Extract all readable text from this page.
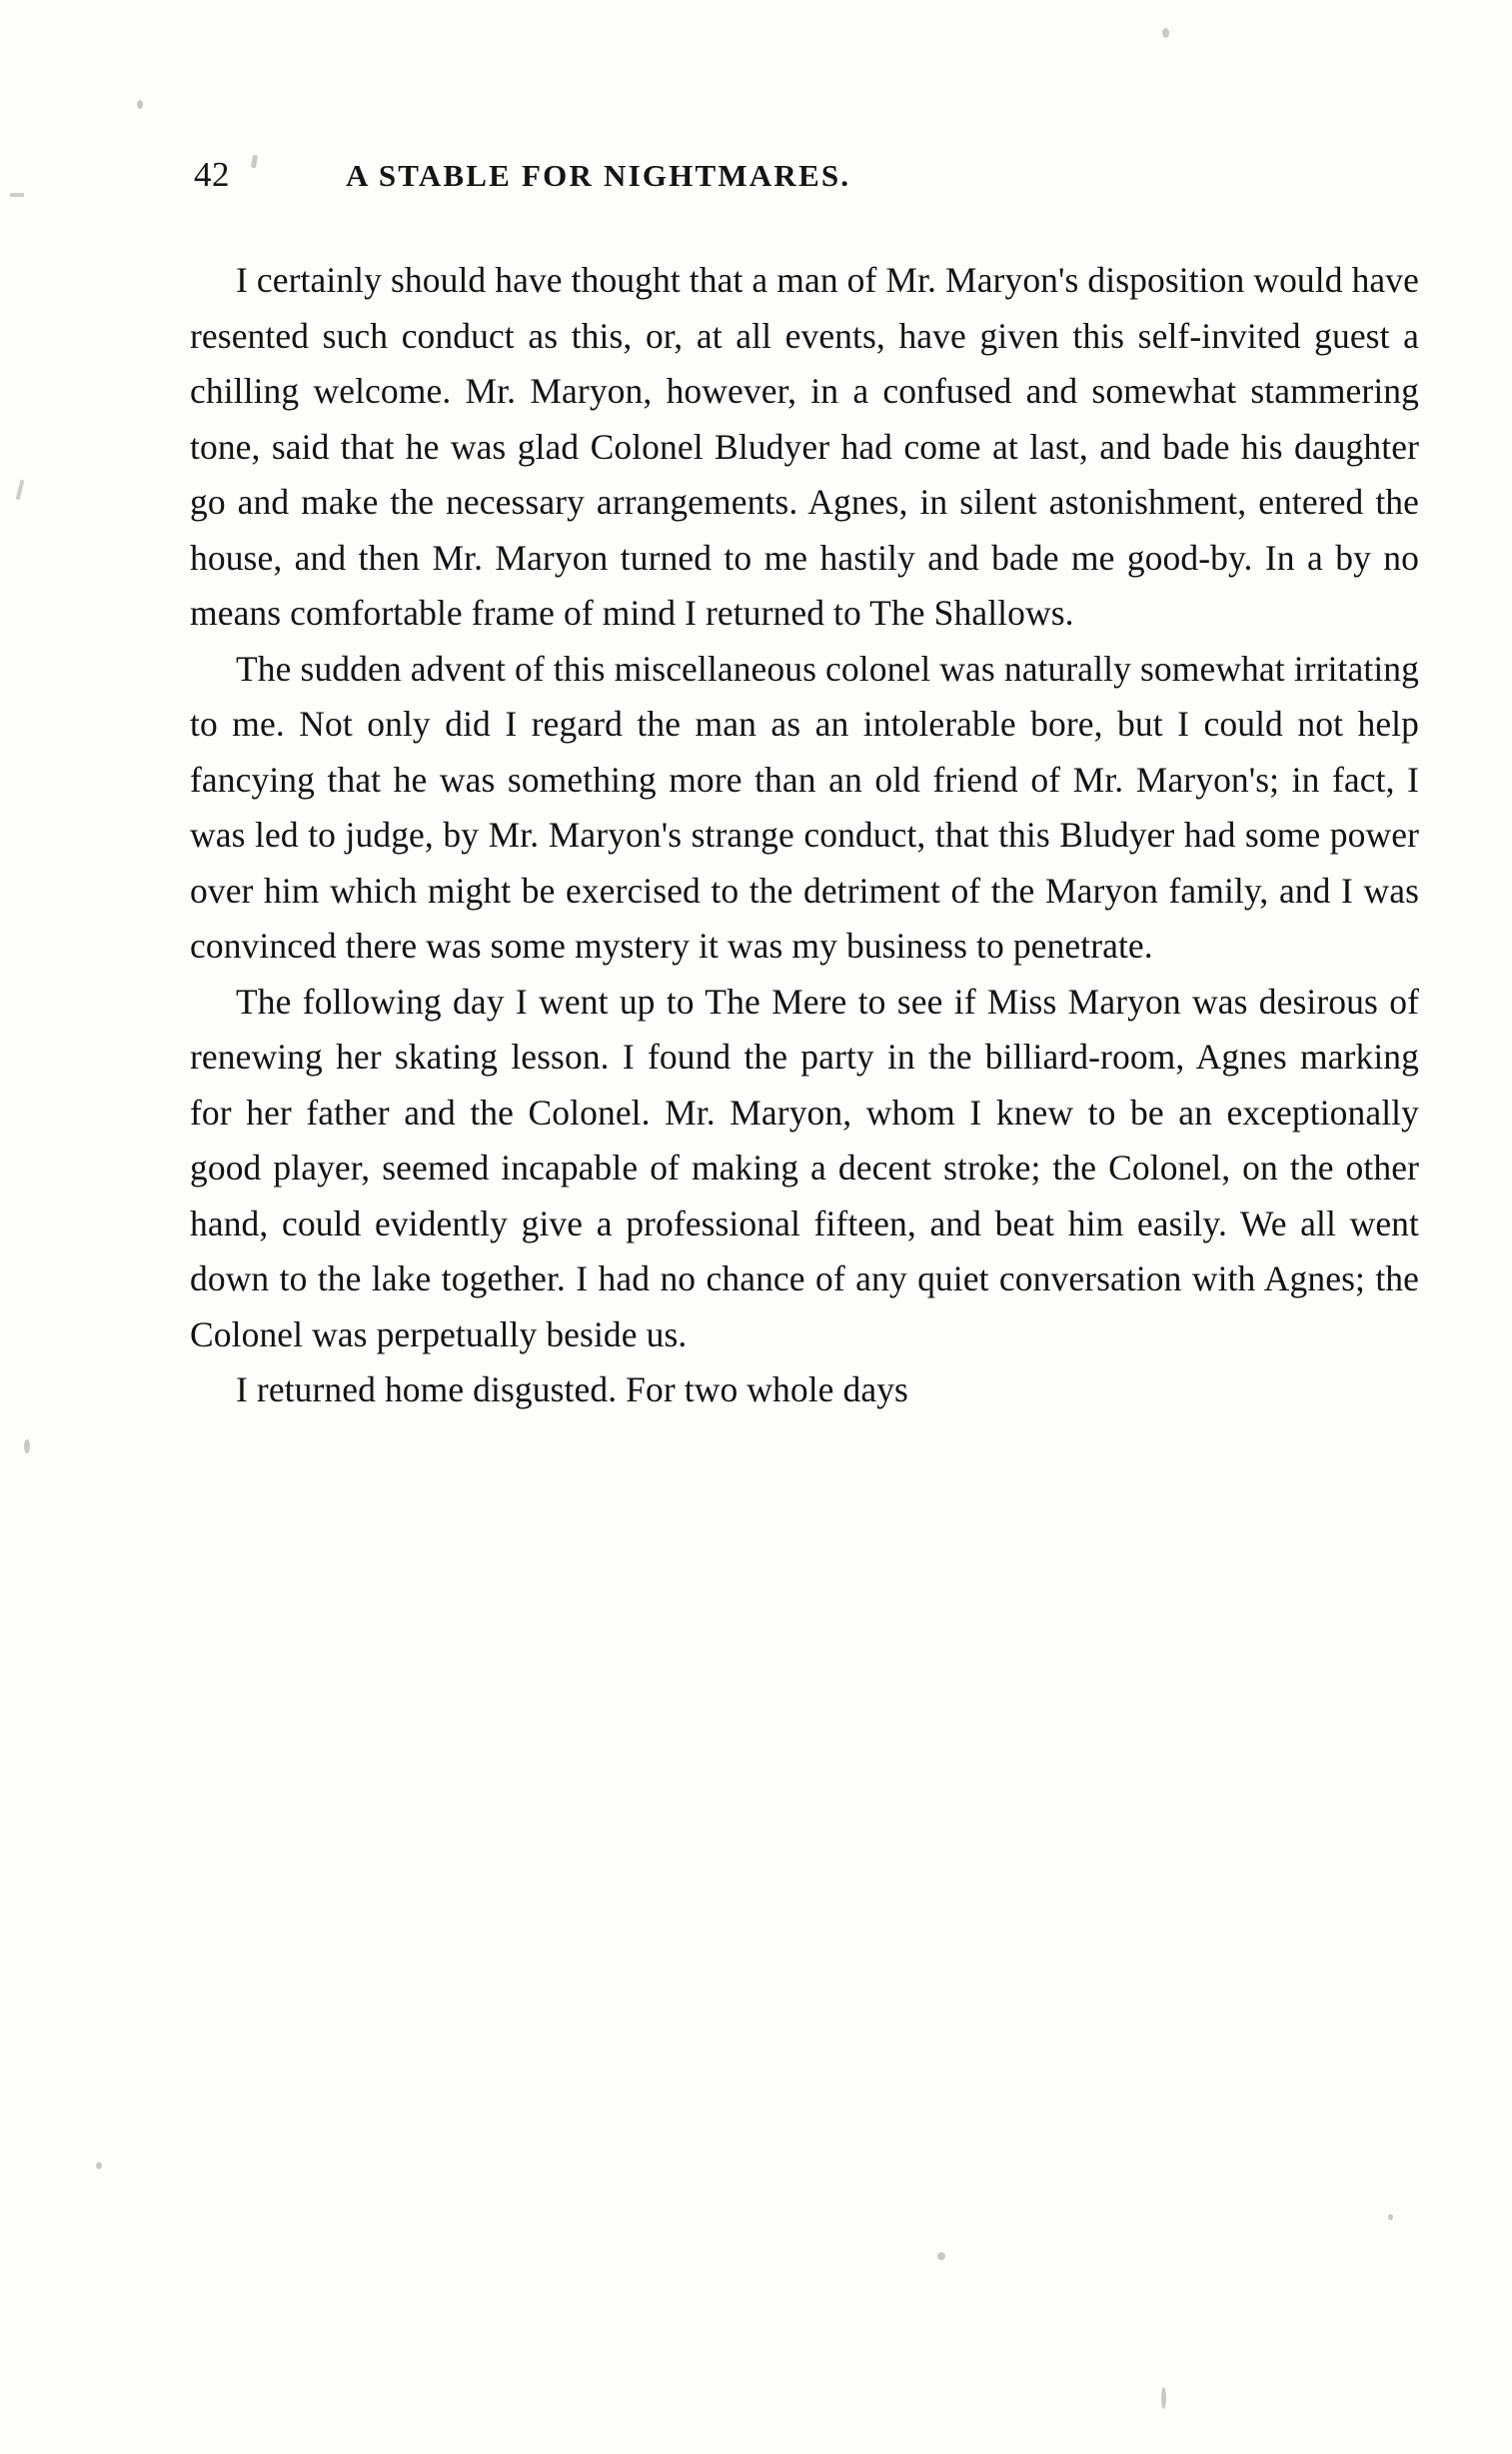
42	A STABLE FOR NIGHTMARES.

I certainly should have thought that a man of Mr. Maryon's disposition would have resented such conduct as this, or, at all events, have given this self-invited guest a chilling welcome. Mr. Maryon, however, in a confused and somewhat stammering tone, said that he was glad Colonel Bludyer had come at last, and bade his daughter go and make the necessary arrangements. Agnes, in silent astonishment, entered the house, and then Mr. Maryon turned to me hastily and bade me good-by. In a by no means comfortable frame of mind I returned to The Shallows.

The sudden advent of this miscellaneous colonel was naturally somewhat irritating to me. Not only did I regard the man as an intolerable bore, but I could not help fancying that he was something more than an old friend of Mr. Maryon's; in fact, I was led to judge, by Mr. Maryon's strange conduct, that this Bludyer had some power over him which might be exercised to the detriment of the Maryon family, and I was convinced there was some mystery it was my business to penetrate.

The following day I went up to The Mere to see if Miss Maryon was desirous of renewing her skating lesson. I found the party in the billiard-room, Agnes marking for her father and the Colonel. Mr. Maryon, whom I knew to be an exceptionally good player, seemed incapable of making a decent stroke; the Colonel, on the other hand, could evidently give a professional fifteen, and beat him easily. We all went down to the lake together. I had no chance of any quiet conversation with Agnes; the Colonel was perpetually beside us.

I returned home disgusted. For two whole days
